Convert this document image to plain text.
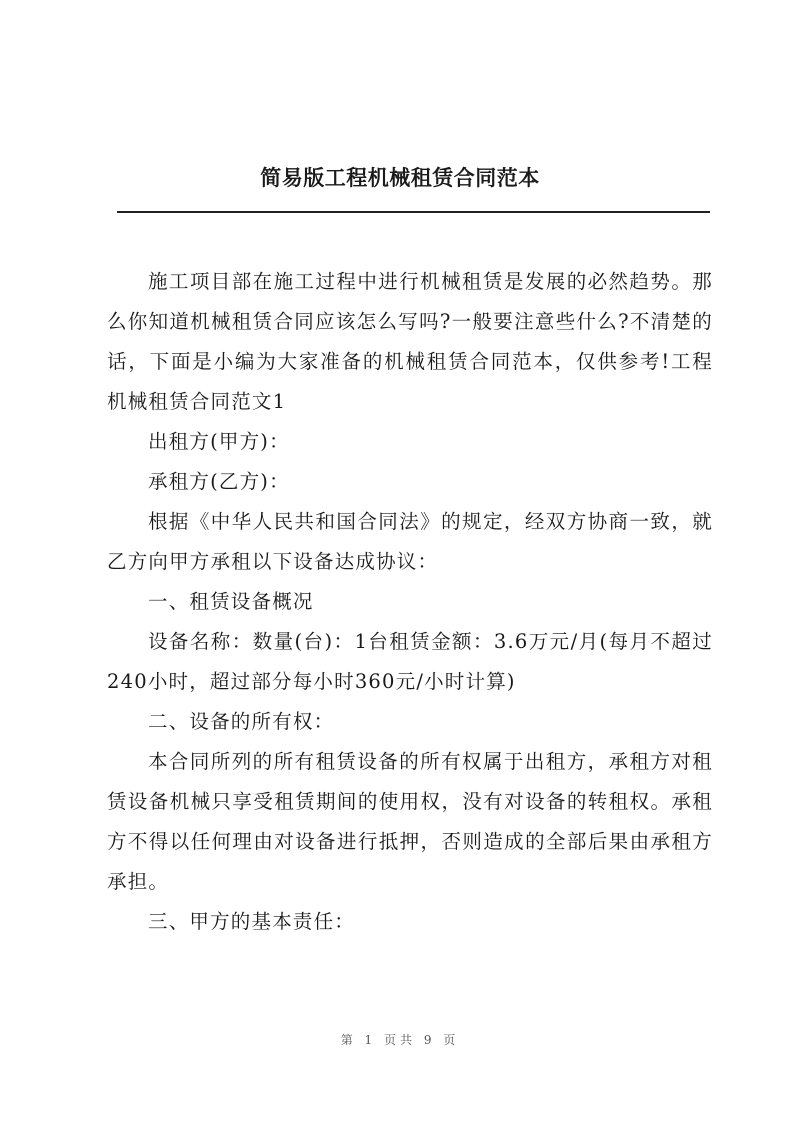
简易版工程机械租赁合同范本

施工项目部在施工过程中进行机械租赁是发展的必然趋势。那么你知道机械租赁合同应该怎么写吗?一般要注意些什么?不清楚的话，下面是小编为大家准备的机械租赁合同范本，仅供参考!工程机械租赁合同范文1

出租方(甲方)：

承租方(乙方)：

根据《中华人民共和国合同法》的规定，经双方协商一致，就乙方向甲方承租以下设备达成协议：

一、租赁设备概况

设备名称：数量(台)：1台租赁金额：3.6万元/月(每月不超过240小时，超过部分每小时360元/小时计算)

二、设备的所有权：

本合同所列的所有租赁设备的所有权属于出租方，承租方对租赁设备机械只享受租赁期间的使用权，没有对设备的转租权。承租方不得以任何理由对设备进行抵押，否则造成的全部后果由承租方承担。

三、甲方的基本责任：

第 1 页共 9 页
